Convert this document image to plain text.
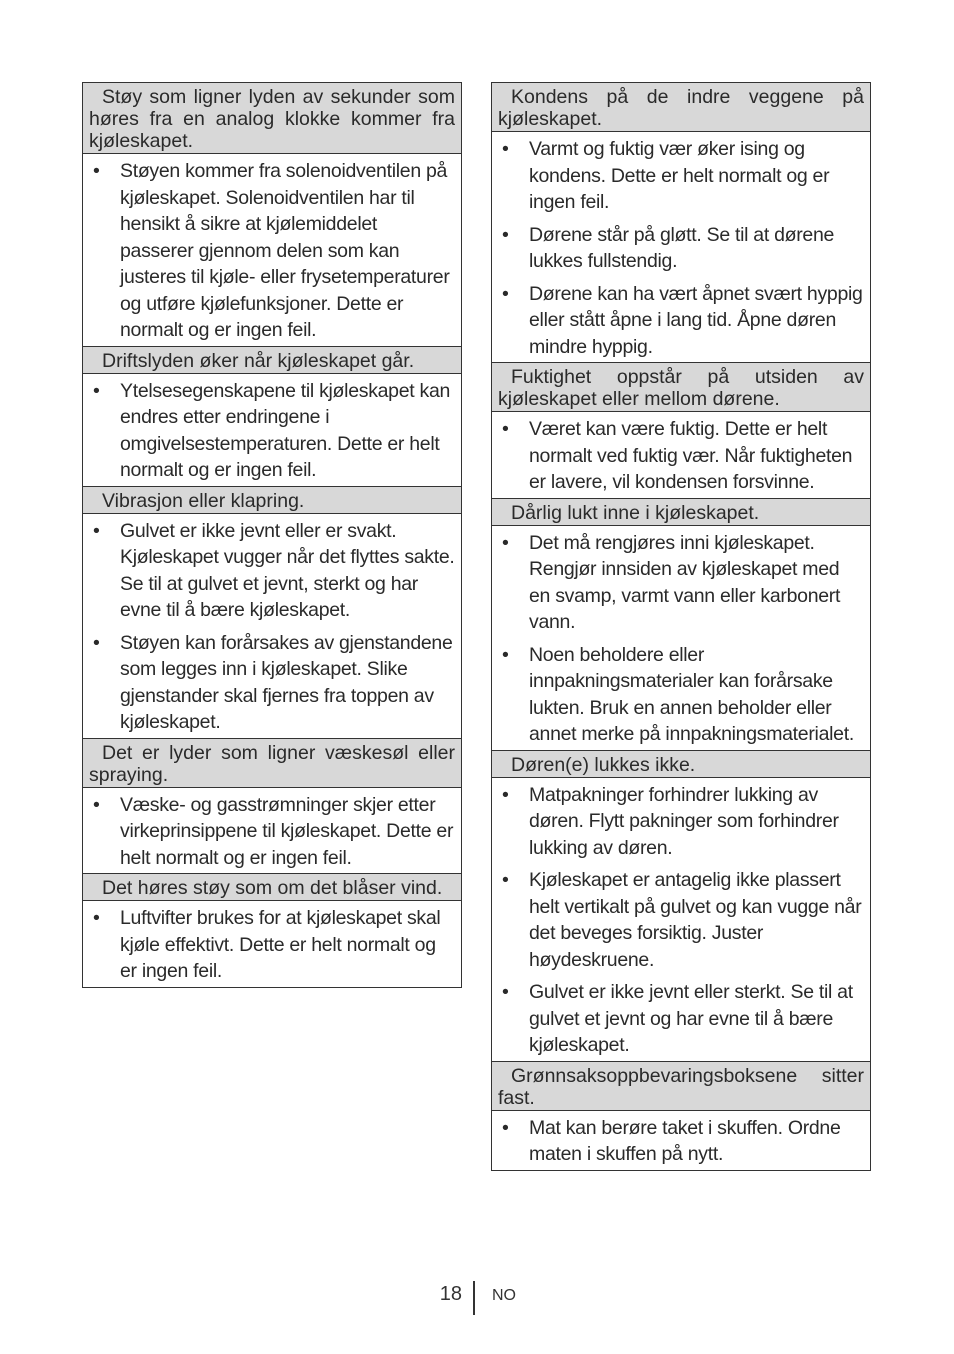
Støy som ligner lyden av sekunder som høres fra en analog klokke kommer fra kjøleskapet.
• Støyen kommer fra solenoidventilen på kjøleskapet. Solenoidventilen har til hensikt å sikre at kjølemiddelet passerer gjennom delen som kan justeres til kjøle- eller frysetemperaturer og utføre kjølefunksjoner. Dette er normalt og er ingen feil.
Driftslyden øker når kjøleskapet går.
• Ytelsesegenskapene til kjøleskapet kan endres etter endringene i omgivelsestemperaturen. Dette er helt normalt og er ingen feil.
Vibrasjon eller klapring.
• Gulvet er ikke jevnt eller er svakt. Kjøleskapet vugger når det flyttes sakte. Se til at gulvet et jevnt, sterkt og har evne til å bære kjøleskapet.
• Støyen kan forårsakes av gjenstandene som legges inn i kjøleskapet. Slike gjenstander skal fjernes fra toppen av kjøleskapet.
Det er lyder som ligner væskesøl eller spraying.
• Væske- og gasstrømninger skjer etter virkeprinsippene til kjøleskapet. Dette er helt normalt og er ingen feil.
Det høres støy som om det blåser vind.
• Luftvifter brukes for at kjøleskapet skal kjøle effektivt. Dette er helt normalt og er ingen feil.
Kondens på de indre veggene på kjøleskapet.
• Varmt og fuktig vær øker ising og kondens. Dette er helt normalt og er ingen feil.
• Dørene står på gløtt. Se til at dørene lukkes fullstendig.
• Dørene kan ha vært åpnet svært hyppig eller stått åpne i lang tid. Åpne døren mindre hyppig.
Fuktighet oppstår på utsiden av kjøleskapet eller mellom dørene.
• Været kan være fuktig. Dette er helt normalt ved fuktig vær. Når fuktigheten er lavere, vil kondensen forsvinne.
Dårlig lukt inne i kjøleskapet.
• Det må rengjøres inni kjøleskapet. Rengjør innsiden av kjøleskapet med en svamp, varmt vann eller karbonert vann.
• Noen beholdere eller innpakningsmaterialer kan forårsake lukten. Bruk en annen beholder eller annet merke på innpakningsmaterialet.
Døren(e) lukkes ikke.
• Matpakninger forhindrer lukking av døren. Flytt pakninger som forhindrer lukking av døren.
• Kjøleskapet er antagelig ikke plassert helt vertikalt på gulvet og kan vugge når det beveges forsiktig. Juster høydeskruene.
• Gulvet er ikke jevnt eller sterkt. Se til at gulvet et jevnt og har evne til å bære kjøleskapet.
Grønnsaksoppbevaringsboksene sitter fast.
• Mat kan berøre taket i skuffen. Ordne maten i skuffen på nytt.
18 NO
